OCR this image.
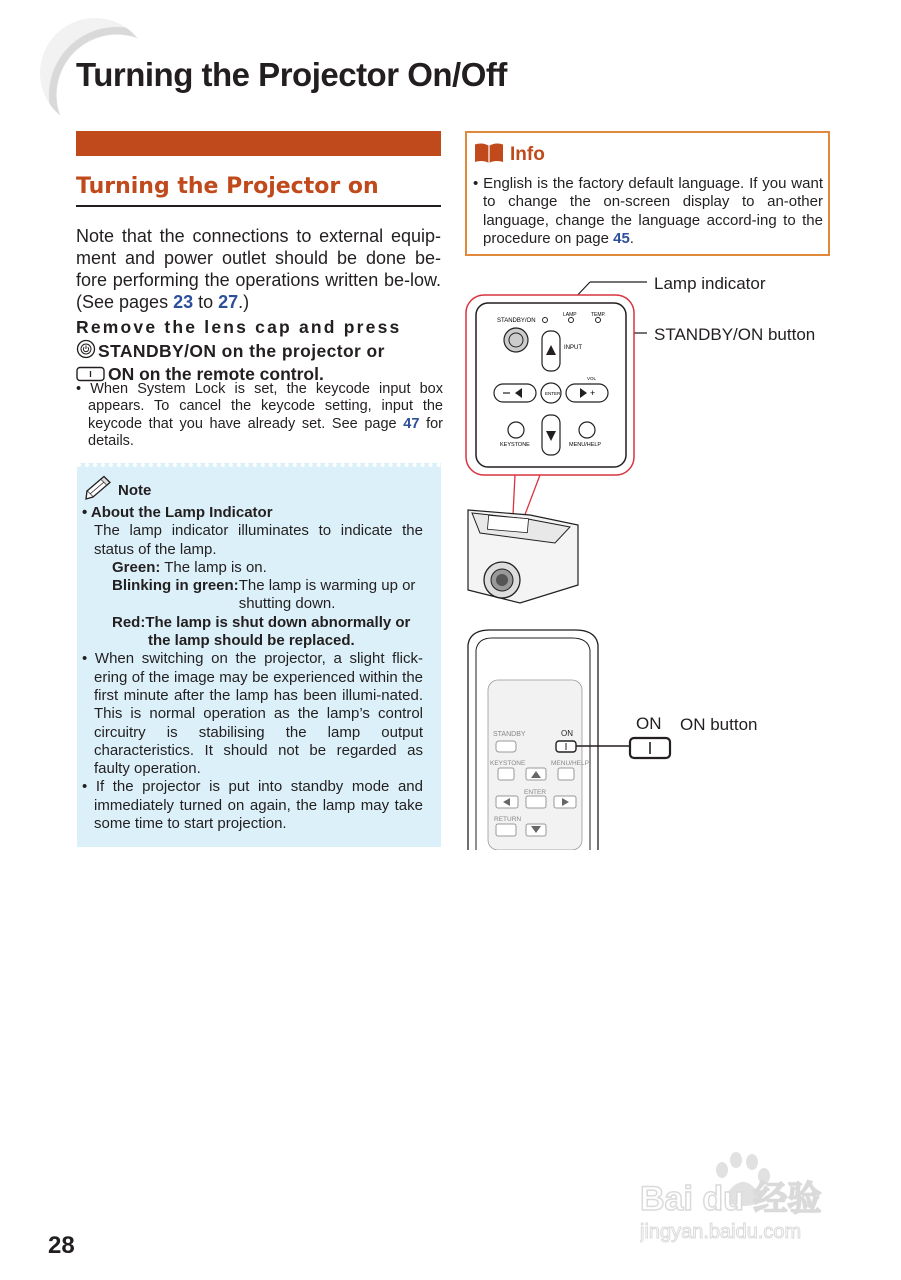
Turning the Projector On/Off
Turning the Projector on
Note that the connections to external equip-ment and power outlet should be done be-fore performing the operations written be-low. (See pages 23 to 27.)
Remove the lens cap and press
STANDBY/ON on the projector or
ON on the remote control.
• When System Lock is set, the keycode input box appears. To cancel the keycode setting, input the keycode that you have already set. See page 47 for details.
Note

• About the Lamp Indicator

The lamp indicator illuminates to indicate the status of the lamp.

Green: The lamp is on.

Blinking in green: The lamp is warming up or shutting down.

Red:The lamp is shut down abnormally or the lamp should be replaced.

• When switching on the projector, a slight flick-ering of the image may be experienced within the first minute after the lamp has been illumi-nated. This is normal operation as the lamp’s control circuitry is stabilising the lamp output characteristics. It should not be regarded as faulty operation.

• If the projector is put into standby mode and immediately turned on again, the lamp may take some time to start projection.

Info
• English is the factory default language. If you want to change the on-screen display to an-other language, change the language accord-ing to the procedure on page 45.
STANDBY/ON
LAMP	TEMP.
INPUT
ENTER	+
VOL
KEYSTONE	MENU/HELP
STANDBY	ON
KEYSTONE	MENU/HELP
ENTER
RETURN
ON
Lamp indicator
STANDBY/ON button
ON button
28
Bai du 经验
jingyan.baidu.com
